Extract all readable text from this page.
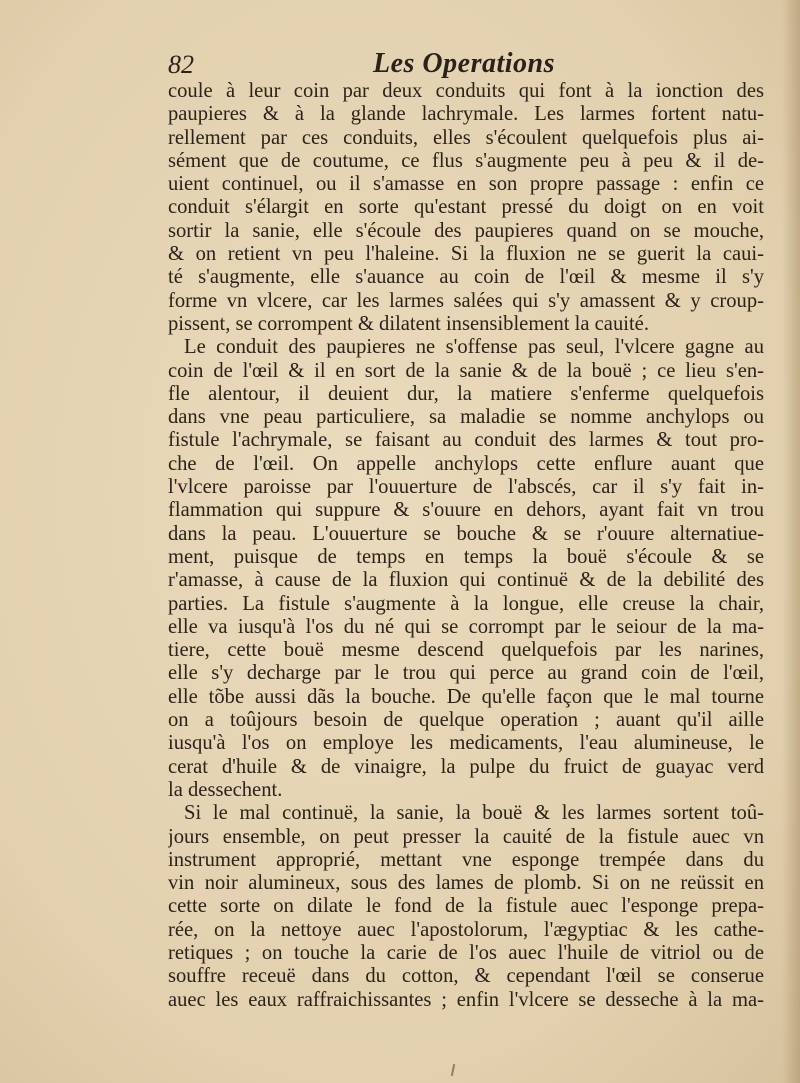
82	Les Operations
coule à leur coin par deux conduits qui font à la ionction des
paupieres & à la glande lachrymale. Les larmes fortent natu-
rellement par ces conduits, elles s'écoulent quelquefois plus ai-
sément que de coutume, ce flus s'augmente peu à peu & il de-
uient continuel, ou il s'amasse en son propre passage : enfin ce
conduit s'élargit en sorte qu'estant pressé du doigt on en voit
sortir la sanie, elle s'écoule des paupieres quand on se mouche,
& on retient vn peu l'haleine. Si la fluxion ne se guerit la caui-
té s'augmente, elle s'auance au coin de l'œil & mesme il s'y
forme vn vlcere, car les larmes salées qui s'y amassent & y croup-
pissent, se corrompent & dilatent insensiblement la cauité.
Le conduit des paupieres ne s'offense pas seul, l'vlcere gagne au
coin de l'œil & il en sort de la sanie & de la bouë ; ce lieu s'en-
fle alentour, il deuient dur, la matiere s'enferme quelquefois
dans vne peau particuliere, sa maladie se nomme anchylops ou
fistule l'achrymale, se faisant au conduit des larmes & tout pro-
che de l'œil. On appelle anchylops cette enflure auant que
l'vlcere paroisse par l'ouuerture de l'abscés, car il s'y fait in-
flammation qui suppure & s'ouure en dehors, ayant fait vn trou
dans la peau. L'ouuerture se bouche & se r'ouure alternatiue-
ment, puisque de temps en temps la bouë s'écoule & se
r'amasse, à cause de la fluxion qui continuë & de la debilité des
parties. La fistule s'augmente à la longue, elle creuse la chair,
elle va iusqu'à l'os du né qui se corrompt par le seiour de la ma-
tiere, cette bouë mesme descend quelquefois par les narines,
elle s'y decharge par le trou qui perce au grand coin de l'œil,
elle tõbe aussi dãs la bouche. De qu'elle façon que le mal tourne
on a toûjours besoin de quelque operation ; auant qu'il aille
iusqu'à l'os on employe les medicaments, l'eau alumineuse, le
cerat d'huile & de vinaigre, la pulpe du fruict de guayac verd
la dessechent.
Si le mal continuë, la sanie, la bouë & les larmes sortent toû-
jours ensemble, on peut presser la cauité de la fistule auec vn
instrument approprié, mettant vne esponge trempée dans du
vin noir alumineux, sous des lames de plomb. Si on ne reüssit en
cette sorte on dilate le fond de la fistule auec l'esponge prepa-
rée, on la nettoye auec l'apostolorum, l'ægyptiac & les cathe-
retiques ; on touche la carie de l'os auec l'huile de vitriol ou de
souffre receuë dans du cotton, & cependant l'œil se conserue
auec les eaux raffraichissantes ; enfin l'vlcere se desseche à la ma-
